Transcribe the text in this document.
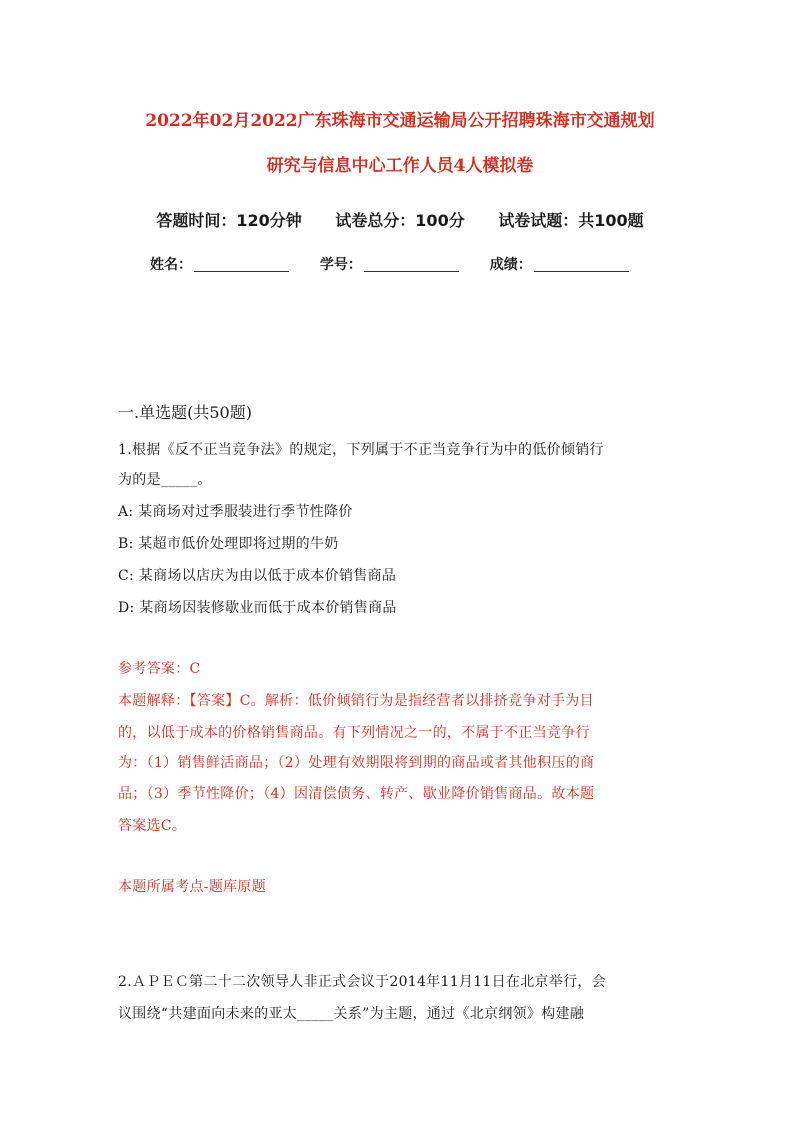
2022年02月2022广东珠海市交通运输局公开招聘珠海市交通规划
研究与信息中心工作人员4人模拟卷
答题时间：120分钟 试卷总分：100分 试卷试题：共100题
姓名：	学号：	成绩：
一.单选题(共50题)
1.根据《反不正当竞争法》的规定，下列属于不正当竞争行为中的低价倾销行
为的是_____。
A: 某商场对过季服装进行季节性降价
B: 某超市低价处理即将过期的牛奶
C: 某商场以店庆为由以低于成本价销售商品
D: 某商场因装修歇业而低于成本价销售商品
参考答案：C
本题解释：【答案】C。解析：低价倾销行为是指经营者以排挤竞争对手为目
的，以低于成本的价格销售商品。有下列情况之一的，不属于不正当竞争行
为：（1）销售鲜活商品；（2）处理有效期限将到期的商品或者其他积压的商
品；（3）季节性降价；（4）因清偿债务、转产、歇业降价销售商品。故本题
答案选C。
本题所属考点-题库原题
2.ＡＰＥＣ第二十二次领导人非正式会议于2014年11月11日在北京举行，会
议围绕“共建面向未来的亚太_____关系”为主题，通过《北京纲领》构建融
